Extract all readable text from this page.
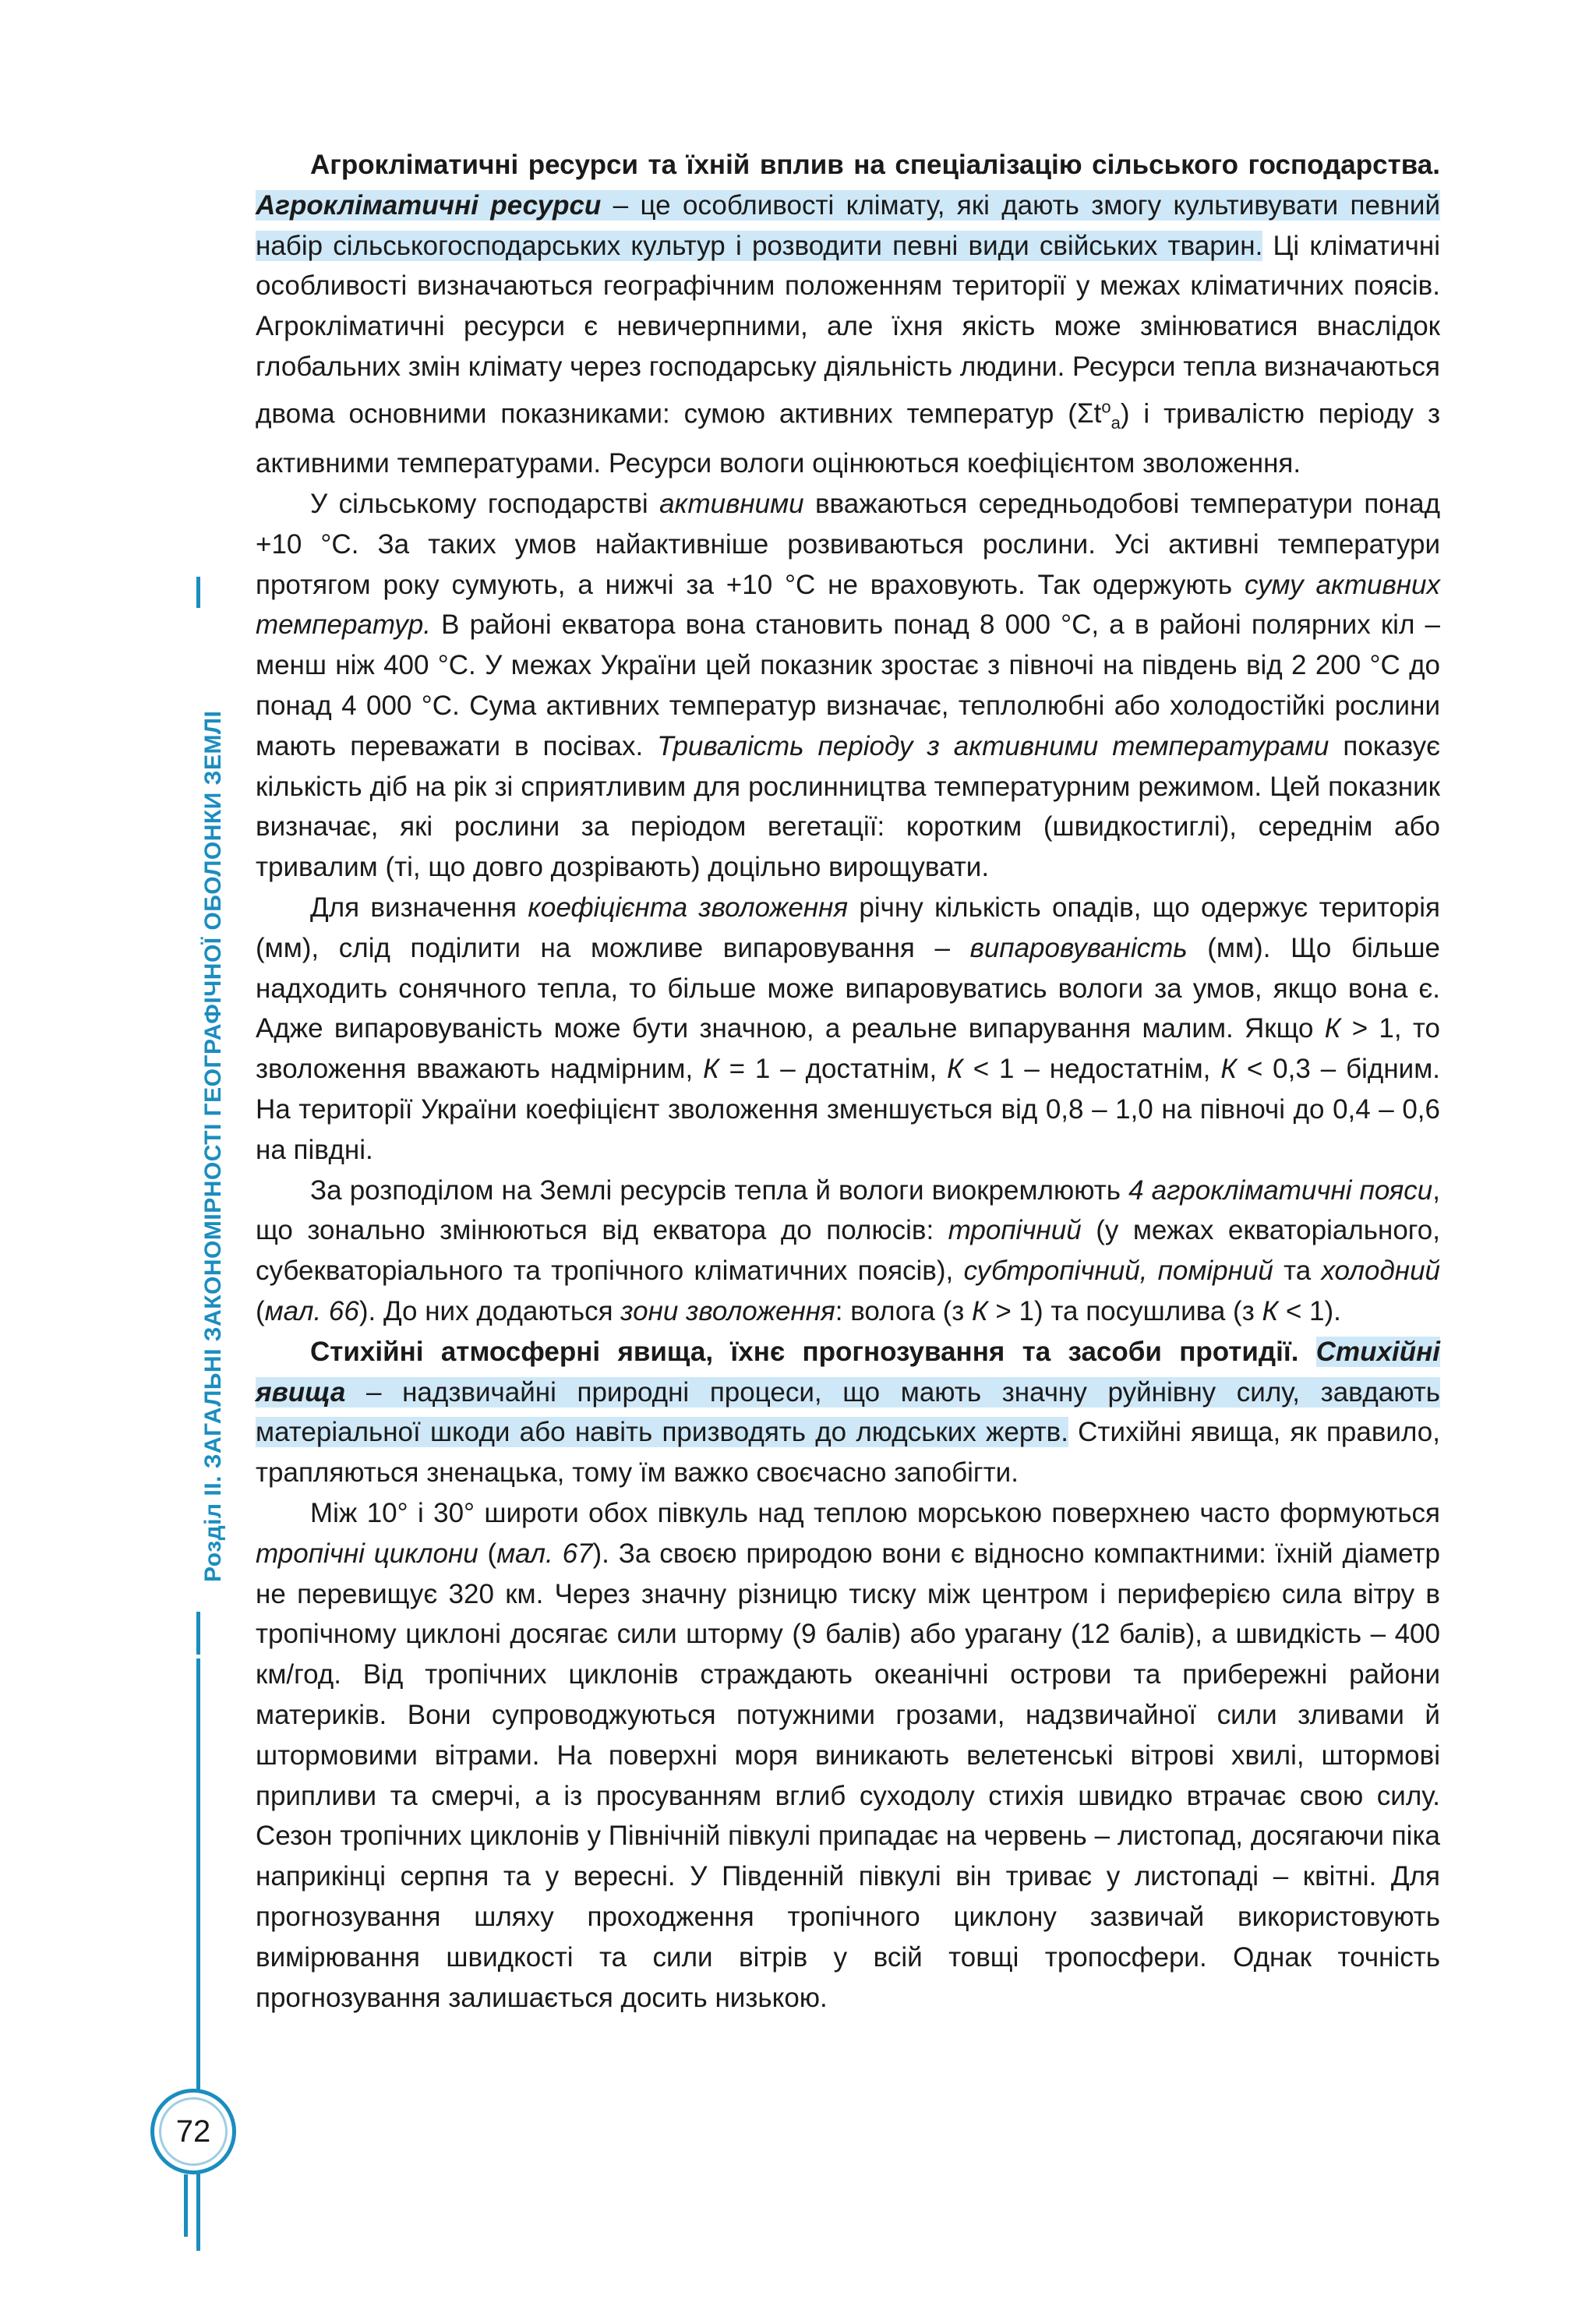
Розділ II. ЗАГАЛЬНІ ЗАКОНОМІРНОСТІ ГЕОГРАФІЧНОЇ ОБОЛОНКИ ЗЕМЛІ
72

Агрокліматичні ресурси та їхній вплив на спеціалізацію сільського господарства. Агрокліматичні ресурси – це особливості клімату, які дають змогу культивувати певний набір сільськогосподарських культур і розводити певні види свійських тварин. Ці кліматичні особливості визначаються географічним положенням території у межах кліматичних поясів. Агрокліматичні ресурси є невичерпними, але їхня якість може змінюватися внаслідок глобальних змін клімату через господарську діяльність людини. Ресурси тепла визначаються двома основними показниками: сумою активних температур $(\Sigma t^о_а)$ і тривалістю періоду з активними температурами. Ресурси вологи оцінюються коефіцієнтом зволоження.

У сільському господарстві активними вважаються середньодобові температури понад +10 °С. За таких умов найактивніше розвиваються рослини. Усі активні температури протягом року сумують, а нижчі за +10 °С не враховують. Так одержують суму активних температур. В районі екватора вона становить понад 8 000 °С, а в районі полярних кіл – менш ніж 400 °С. У межах України цей показник зростає з півночі на південь від 2 200 °С до понад 4 000 °С. Сума активних температур визначає, теплолюбні або холодостійкі рослини мають переважати в посівах. Тривалість періоду з активними температурами показує кількість діб на рік зі сприятливим для рослинництва температурним режимом. Цей показник визначає, які рослини за періодом вегетації: коротким (швидкостиглі), середнім або тривалим (ті, що довго дозрівають) доцільно вирощувати.

Для визначення коефіцієнта зволоження річну кількість опадів, що одержує територія (мм), слід поділити на можливе випаровування – випаровуваність (мм). Що більше надходить сонячного тепла, то більше може випаровуватись вологи за умов, якщо вона є. Адже випаровуваність може бути значною, а реальне випарування малим. Якщо К > 1, то зволоження вважають надмірним, К = 1 – достатнім, К < 1 – недостатнім, К < 0,3 – бідним. На території України коефіцієнт зволоження зменшується від 0,8 – 1,0 на півночі до 0,4 – 0,6 на півдні.

За розподілом на Землі ресурсів тепла й вологи виокремлюють 4 агрокліматичні пояси, що зонально змінюються від екватора до полюсів: тропічний (у межах екваторіального, субекваторіального та тропічного кліматичних поясів), субтропічний, помірний та холодний (мал. 66). До них додаються зони зволоження: волога (з К > 1) та посушлива (з К < 1).

Стихійні атмосферні явища, їхнє прогнозування та засоби протидії. Стихійні явища – надзвичайні природні процеси, що мають значну руйнівну силу, завдають матеріальної шкоди або навіть призводять до людських жертв. Стихійні явища, як правило, трапляються зненацька, тому їм важко своєчасно запобігти.

Між 10° і 30° широти обох півкуль над теплою морською поверхнею часто формуються тропічні циклони (мал. 67). За своєю природою вони є відносно компактними: їхній діаметр не перевищує 320 км. Через значну різницю тиску між центром і периферією сила вітру в тропічному циклоні досягає сили шторму (9 балів) або урагану (12 балів), а швидкість – 400 км/год. Від тропічних циклонів страждають океанічні острови та прибережні райони материків. Вони супроводжуються потужними грозами, надзвичайної сили зливами й штормовими вітрами. На поверхні моря виникають велетенські вітрові хвилі, штормові припливи та смерчі, а із просуванням вглиб суходолу стихія швидко втрачає свою силу. Сезон тропічних циклонів у Північній півкулі припадає на червень – листопад, досягаючи піка наприкінці серпня та у вересні. У Південній півкулі він триває у листопаді – квітні. Для прогнозування шляху проходження тропічного циклону зазвичай використовують вимірювання швидкості та сили вітрів у всій товщі тропосфери. Однак точність прогнозування залишається досить низькою.
